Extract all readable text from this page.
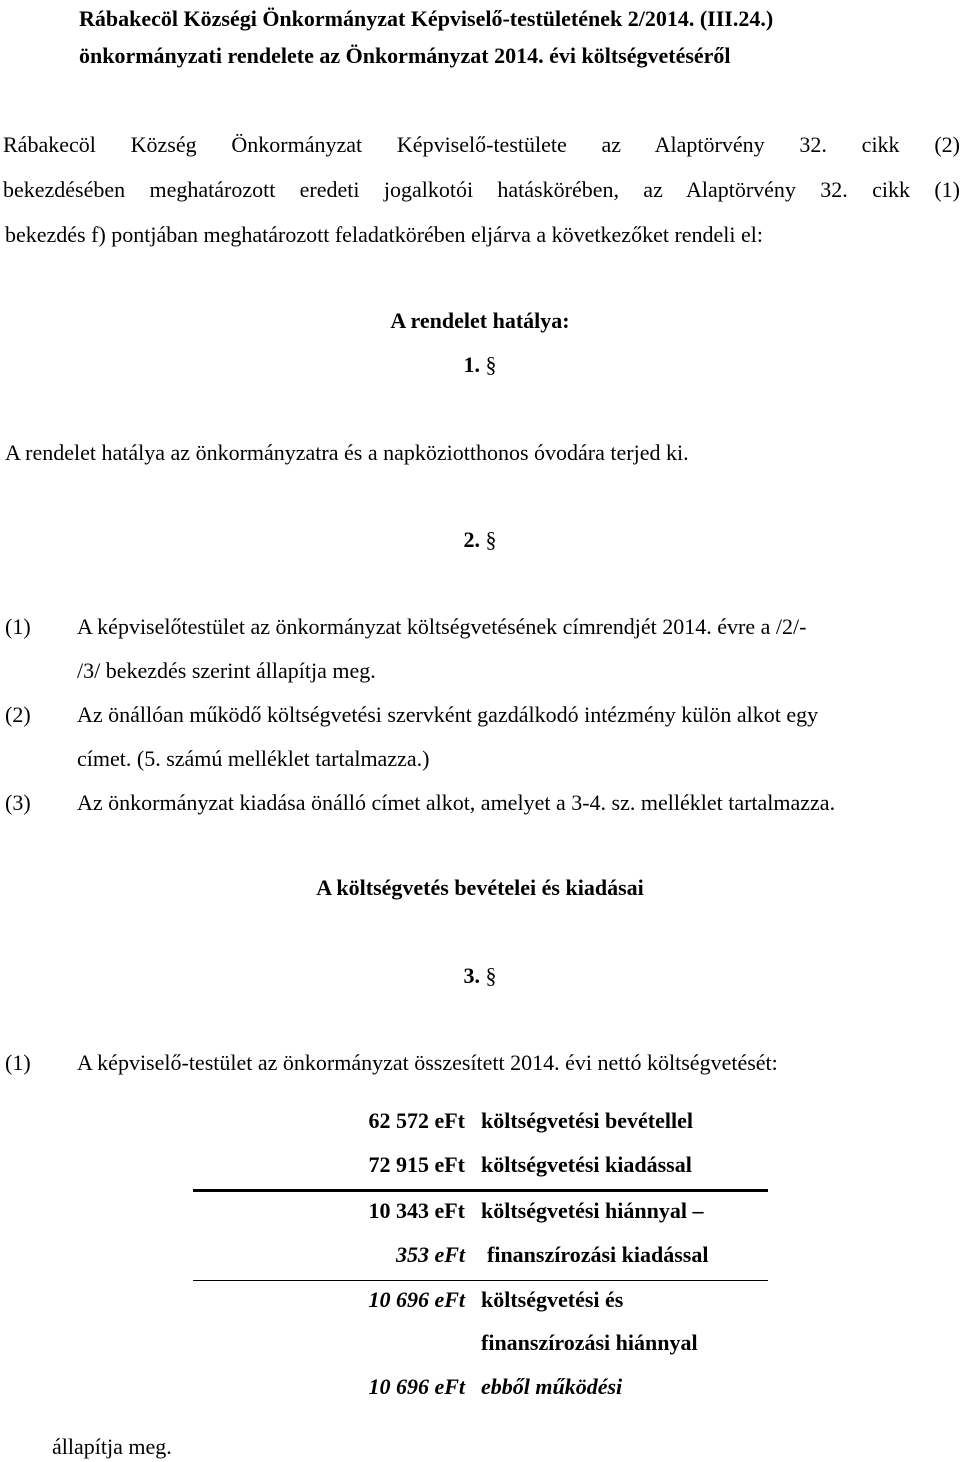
Rábakecöl Községi Önkormányzat Képviselő-testületének 2/2014. (III.24.)
önkormányzati rendelete az Önkormányzat 2014. évi költségvetéséről
Rábakecöl Község Önkormányzat Képviselő-testülete az Alaptörvény 32. cikk (2)
bekezdésében meghatározott eredeti jogalkotói hatáskörében, az Alaptörvény 32. cikk (1)
bekezdés f) pontjában meghatározott feladatkörében eljárva a következőket rendeli el:
A rendelet hatálya:
1. §
A rendelet hatálya az önkormányzatra és a napköziotthonos óvodára terjed ki.
2. §
(1) A képviselőtestület az önkormányzat költségvetésének címrendjét 2014. évre a /2/-
/3/ bekezdés szerint állapítja meg.
(2) Az önállóan működő költségvetési szervként gazdálkodó intézmény külön alkot egy
címet. (5. számú melléklet tartalmazza.)
(3) Az önkormányzat kiadása önálló címet alkot, amelyet a 3-4. sz. melléklet tartalmazza.
A költségvetés bevételei és kiadásai
3. §
(1) A képviselő-testület az önkormányzat összesített 2014. évi nettó költségvetését:
62 572 eFt költségvetési bevétellel
72 915 eFt költségvetési kiadással
10 343 eFt költségvetési hiánnyal –
353 eFt finanszírozási kiadással
10 696 eFt költségvetési és
finanszírozási hiánnyal
10 696 eFt ebből működési
állapítja meg.
